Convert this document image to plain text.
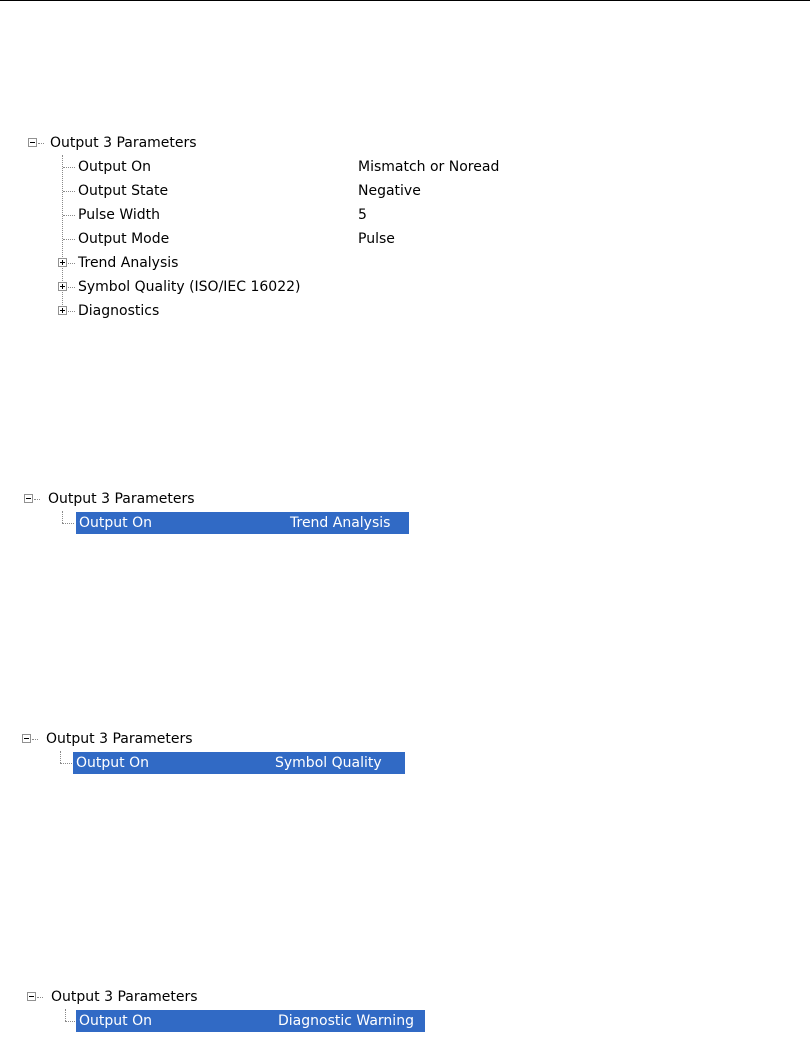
Output 3 Parameters
Output On	Mismatch or Noread
Output State	Negative
Pulse Width	5
Output Mode	Pulse
Trend Analysis
Symbol Quality (ISO/IEC 16022)
Diagnostics
Output 3 Parameters
Output On	Trend Analysis
Output 3 Parameters
Output On	Symbol Quality
Output 3 Parameters
Output On	Diagnostic Warning
